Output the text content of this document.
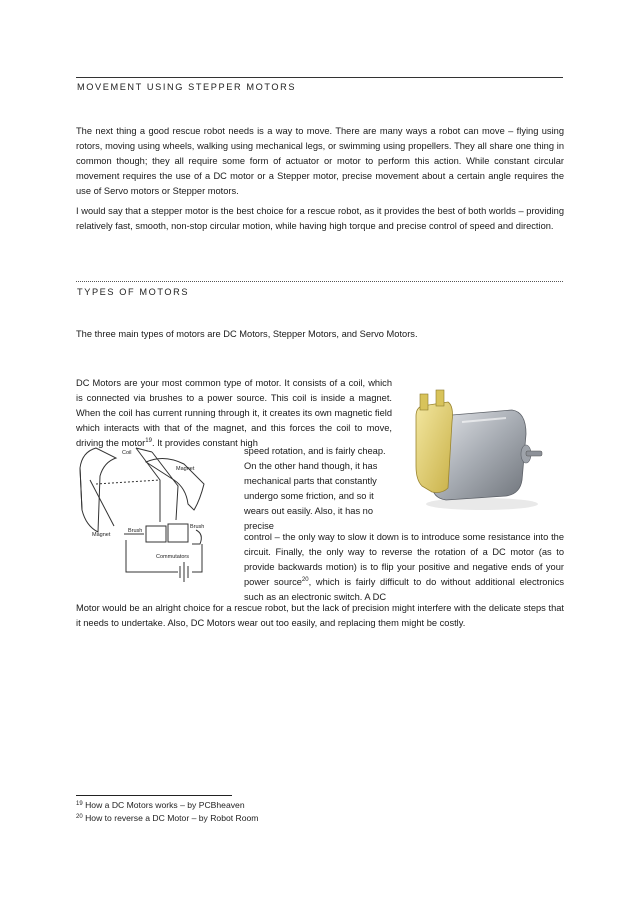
MOVEMENT USING STEPPER MOTORS

The next thing a good rescue robot needs is a way to move. There are many ways a robot can move – flying using rotors, moving using wheels, walking using mechanical legs, or swimming using propellers. They all share one thing in common though; they all require some form of actuator or motor to perform this action. While constant circular movement requires the use of a DC motor or a Stepper motor, precise movement about a certain angle requires the use of Servo motors or Stepper motors.

I would say that a stepper motor is the best choice for a rescue robot, as it provides the best of both worlds – providing relatively fast, smooth, non-stop circular motion, while having high torque and precise control of speed and direction.

TYPES OF MOTORS

The three main types of motors are DC Motors, Stepper Motors, and Servo Motors.

DC Motors are your most common type of motor. It consists of a coil, which is connected via brushes to a power source. This coil is inside a magnet. When the coil has current running through it, it creates its own magnetic field which interacts with that of the magnet, and this forces the coil to move, driving the motor$^{19}$. It provides constant high

speed rotation, and is fairly cheap. On the other hand though, it has mechanical parts that constantly undergo some friction, and so it wears out easily. Also, it has no precise

control – the only way to slow it down is to introduce some resistance into the circuit. Finally, the only way to reverse the rotation of a DC motor (as to provide backwards motion) is to flip your positive and negative ends of your power source$^{20}$, which is fairly difficult to do without additional electronics such as an electronic switch. A DC

Motor would be an alright choice for a rescue robot, but the lack of precision might interfere with the delicate steps that it needs to undertake. Also, DC Motors wear out too easily, and replacing them might be costly.

Coil
Magnet
Magnet
Brush
Brush
Commutators
$^{19}$ How a DC Motors works – by PCBheaven
$^{20}$ How to reverse a DC Motor – by Robot Room
